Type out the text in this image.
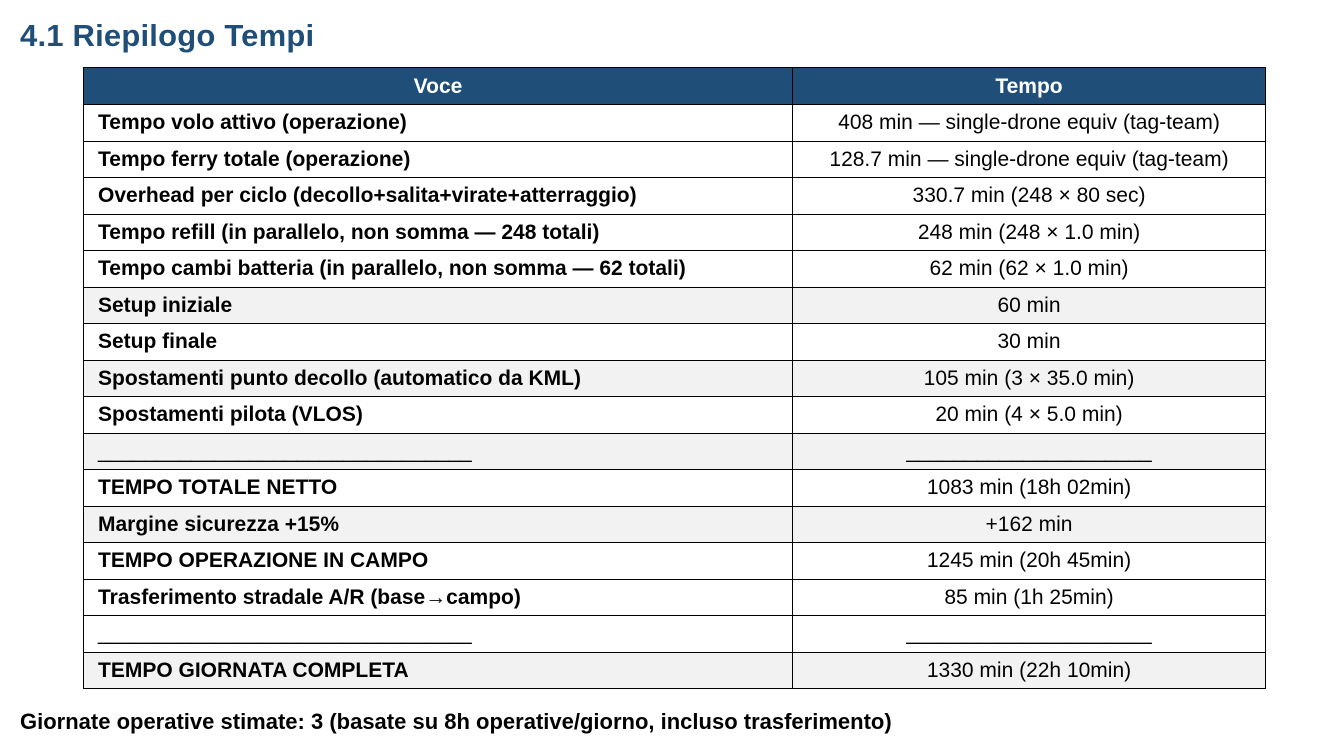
4.1 Riepilogo Tempi
Voce	Tempo
Tempo volo attivo (operazione)	408 min — single-drone equiv (tag-team)
Tempo ferry totale (operazione)	128.7 min — single-drone equiv (tag-team)
Overhead per ciclo (decollo+salita+virate+atterraggio)	330.7 min (248 × 80 sec)
Tempo refill (in parallelo, non somma — 248 totali)	248 min (248 × 1.0 min)
Tempo cambi batteria (in parallelo, non somma — 62 totali)	62 min (62 × 1.0 min)
Setup iniziale	60 min
Setup finale	30 min
Spostamenti punto decollo (automatico da KML)	105 min (3 × 35.0 min)
Spostamenti pilota (VLOS)	20 min (4 × 5.0 min)
________________________________	_____________________
TEMPO TOTALE NETTO	1083 min (18h 02min)
Margine sicurezza +15%	+162 min
TEMPO OPERAZIONE IN CAMPO	1245 min (20h 45min)
Trasferimento stradale A/R (base→campo)	85 min (1h 25min)
________________________________	_____________________
TEMPO GIORNATA COMPLETA	1330 min (22h 10min)

Giornate operative stimate: 3 (basate su 8h operative/giorno, incluso trasferimento)
